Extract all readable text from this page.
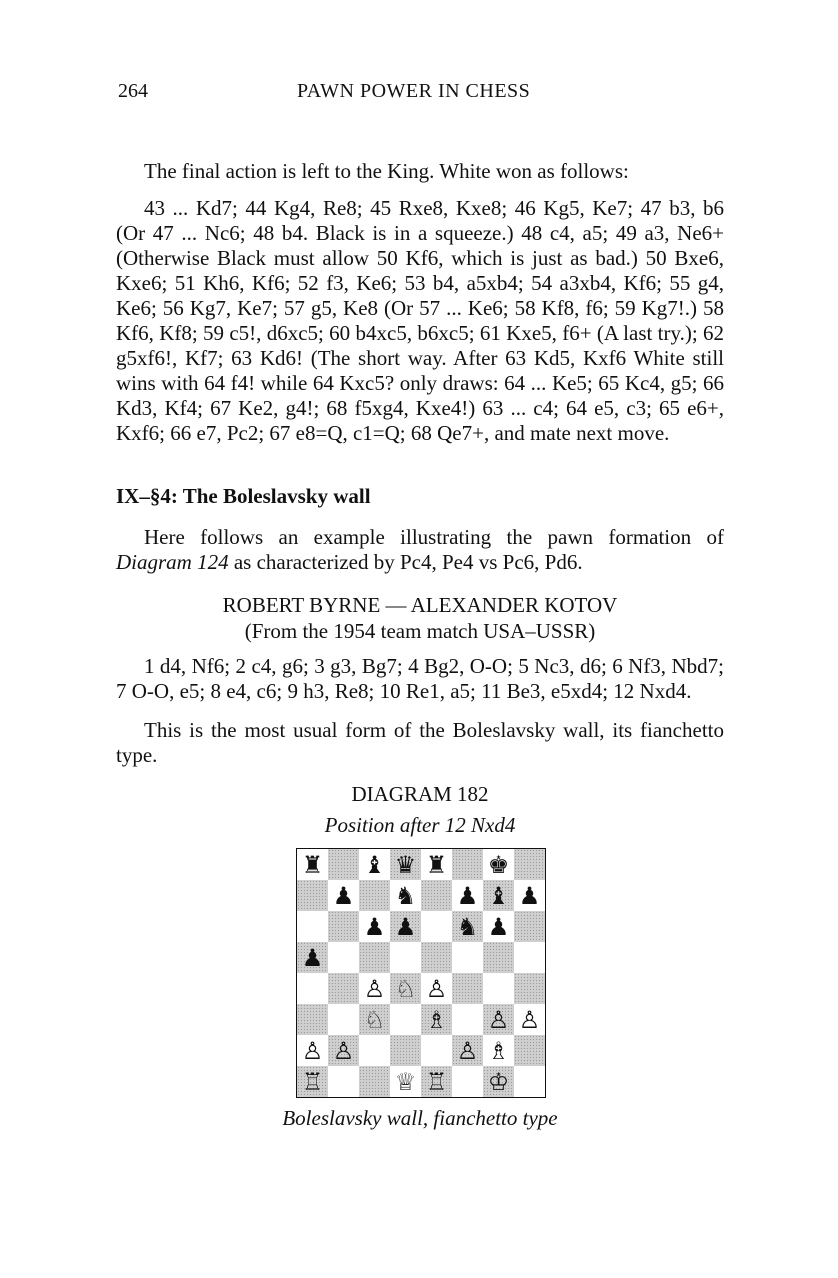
264	PAWN POWER IN CHESS
The final action is left to the King. White won as follows:
43 ... Kd7; 44 Kg4, Re8; 45 Rxe8, Kxe8; 46 Kg5, Ke7; 47 b3, b6 (Or 47 ... Nc6; 48 b4. Black is in a squeeze.) 48 c4, a5; 49 a3, Ne6+ (Otherwise Black must allow 50 Kf6, which is just as bad.) 50 Bxe6, Kxe6; 51 Kh6, Kf6; 52 f3, Ke6; 53 b4, a5xb4; 54 a3xb4, Kf6; 55 g4, Ke6; 56 Kg7, Ke7; 57 g5, Ke8 (Or 57 ... Ke6; 58 Kf8, f6; 59 Kg7!.) 58 Kf6, Kf8; 59 c5!, d6xc5; 60 b4xc5, b6xc5; 61 Kxe5, f6+ (A last try.); 62 g5xf6!, Kf7; 63 Kd6! (The short way. After 63 Kd5, Kxf6 White still wins with 64 f4! while 64 Kxc5? only draws: 64 ... Ke5; 65 Kc4, g5; 66 Kd3, Kf4; 67 Ke2, g4!; 68 f5xg4, Kxe4!) 63 ... c4; 64 e5, c3; 65 e6+, Kxf6; 66 e7, Pc2; 67 e8=Q, c1=Q; 68 Qe7+, and mate next move.
IX–§4: The Boleslavsky wall
Here follows an example illustrating the pawn formation of Diagram 124 as characterized by Pc4, Pe4 vs Pc6, Pd6.
ROBERT BYRNE — ALEXANDER KOTOV
(From the 1954 team match USA–USSR)
1 d4, Nf6; 2 c4, g6; 3 g3, Bg7; 4 Bg2, O-O; 5 Nc3, d6; 6 Nf3, Nbd7; 7 O-O, e5; 8 e4, c6; 9 h3, Re8; 10 Re1, a5; 11 Be3, e5xd4; 12 Nxd4.
This is the most usual form of the Boleslavsky wall, its fianchetto type.
DIAGRAM 182
Position after 12 Nxd4
♜ ♝ ♛ ♜ ♚
♟ ♞ ♟ ♝ ♟
♟ ♟ ♞ ♟
♟
♙ ♘ ♙
♘ ♗ ♙ ♙
♙ ♙	♙ ♗
♖	♕ ♖ ♔
Boleslavsky wall, fianchetto type
